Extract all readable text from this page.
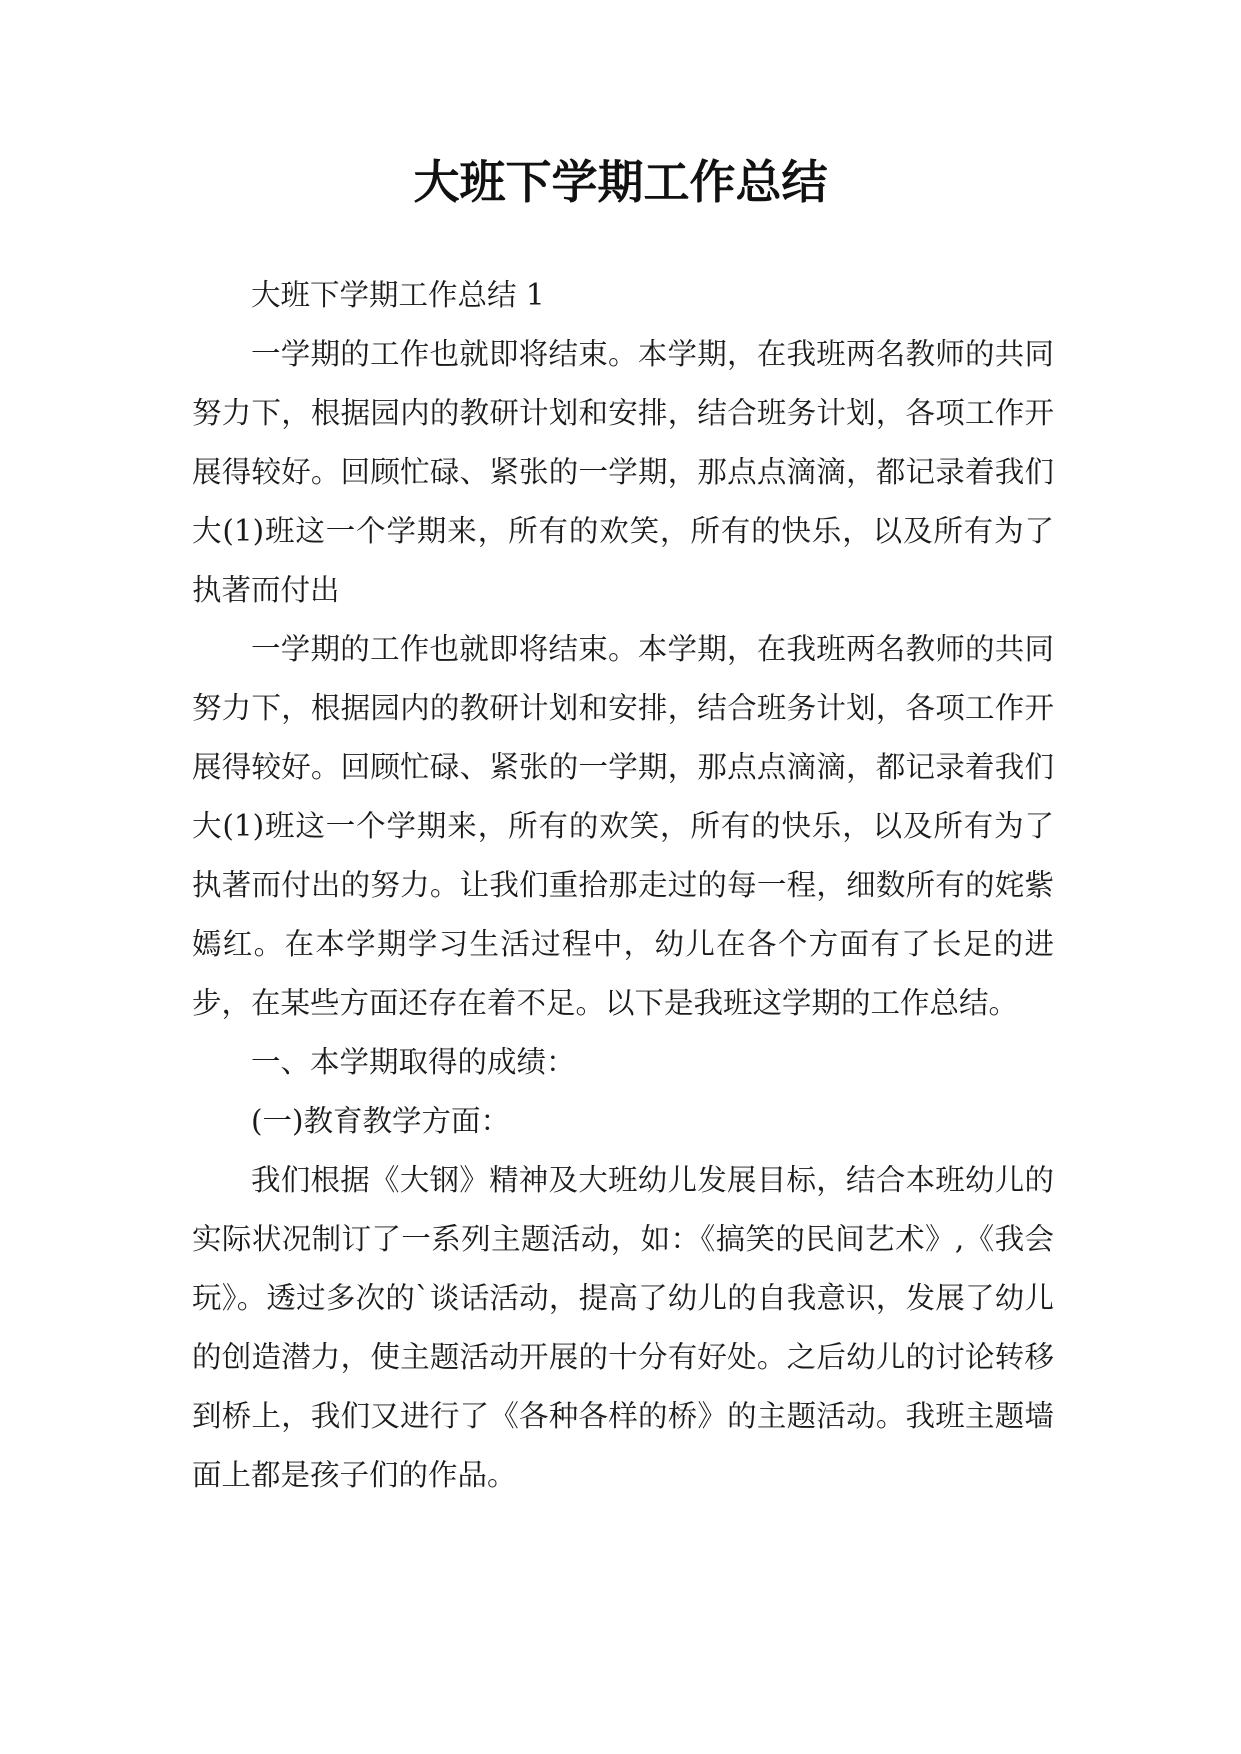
大班下学期工作总结

大班下学期工作总结 1

一学期的工作也就即将结束。本学期，在我班两名教师的共同努力下，根据园内的教研计划和安排，结合班务计划，各项工作开展得较好。回顾忙碌、紧张的一学期，那点点滴滴，都记录着我们大(1)班这一个学期来，所有的欢笑，所有的快乐，以及所有为了执著而付出

一学期的工作也就即将结束。本学期，在我班两名教师的共同努力下，根据园内的教研计划和安排，结合班务计划，各项工作开展得较好。回顾忙碌、紧张的一学期，那点点滴滴，都记录着我们大(1)班这一个学期来，所有的欢笑，所有的快乐，以及所有为了执著而付出的努力。让我们重拾那走过的每一程，细数所有的姹紫嫣红。在本学期学习生活过程中，幼儿在各个方面有了长足的进步，在某些方面还存在着不足。以下是我班这学期的工作总结。

一、本学期取得的成绩：

(一)教育教学方面：

我们根据《大钢》精神及大班幼儿发展目标，结合本班幼儿的实际状况制订了一系列主题活动，如：《搞笑的民间艺术》,《我会玩》。透过多次的`谈话活动，提高了幼儿的自我意识，发展了幼儿的创造潜力，使主题活动开展的十分有好处。之后幼儿的讨论转移到桥上，我们又进行了《各种各样的桥》的主题活动。我班主题墙面上都是孩子们的作品。
